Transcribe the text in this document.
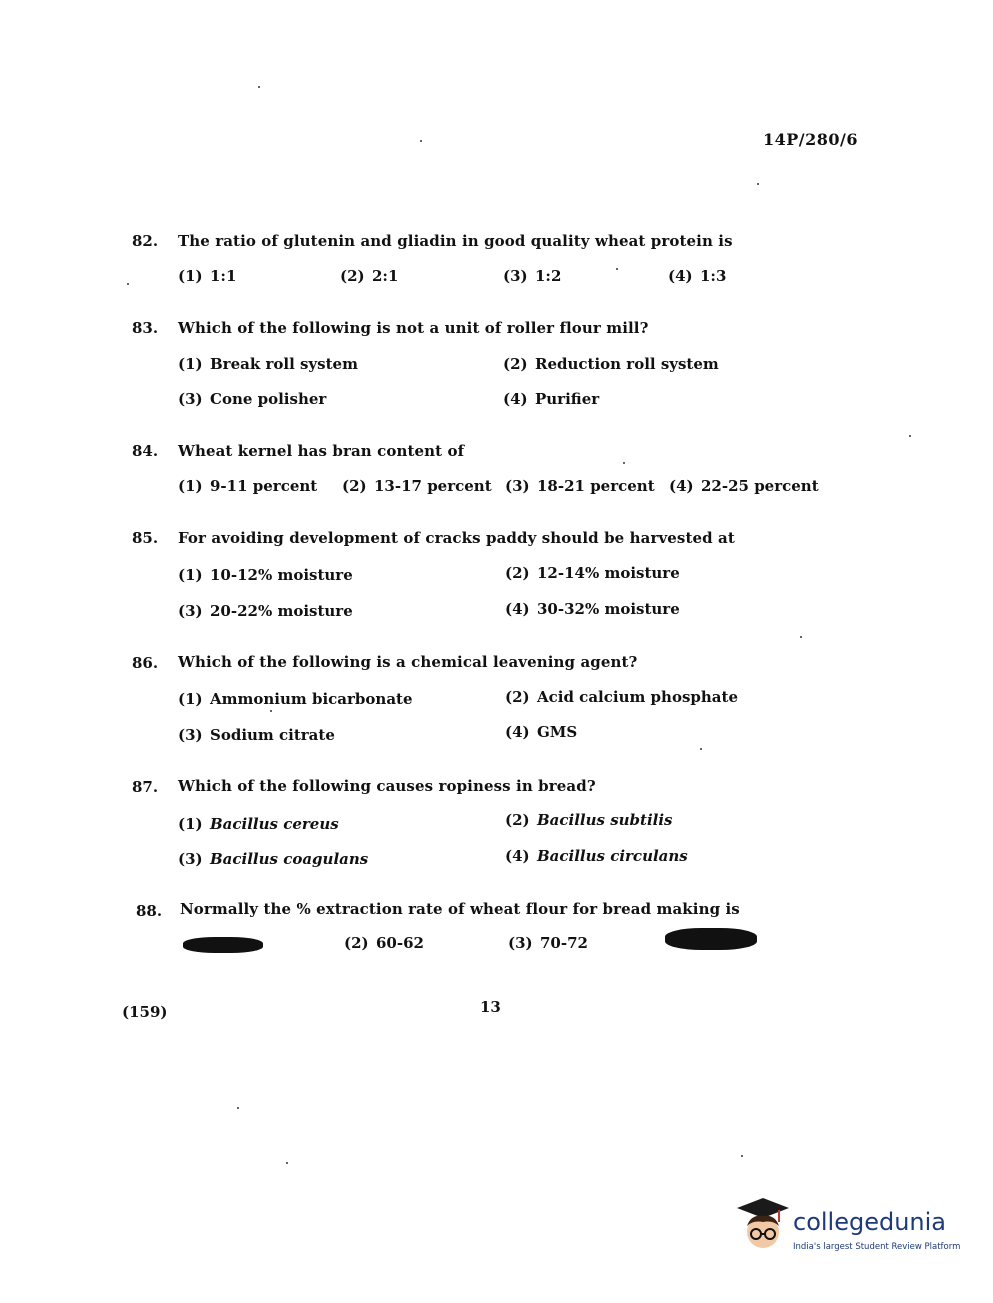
14P/280/6
82. The ratio of glutenin and gliadin in good quality wheat protein is
(1) 1:1	(2) 2:1	(3) 1:2	(4) 1:3
83. Which of the following is not a unit of roller flour mill?
(1) Break roll system	(2) Reduction roll system
(3) Cone polisher	(4) Purifier
84. Wheat kernel has bran content of
(1) 9-11 percent (2) 13-17 percent (3) 18-21 percent (4) 22-25 percent
85. For avoiding development of cracks paddy should be harvested at
(1) 10-12% moisture	(2) 12-14% moisture
(3) 20-22% moisture	(4) 30-32% moisture
86. Which of the following is a chemical leavening agent?
(1) Ammonium bicarbonate	(2) Acid calcium phosphate
(3) Sodium citrate	(4) GMS
87. Which of the following causes ropiness in bread?
(1) Bacillus cereus	(2) Bacillus subtilis
(3) Bacillus coagulans	(4) Bacillus circulans
88. Normally the % extraction rate of wheat flour for bread making is
(2) 60-62	(3) 70-72
(159)	13
collegedunia
India's largest Student Review Platform
